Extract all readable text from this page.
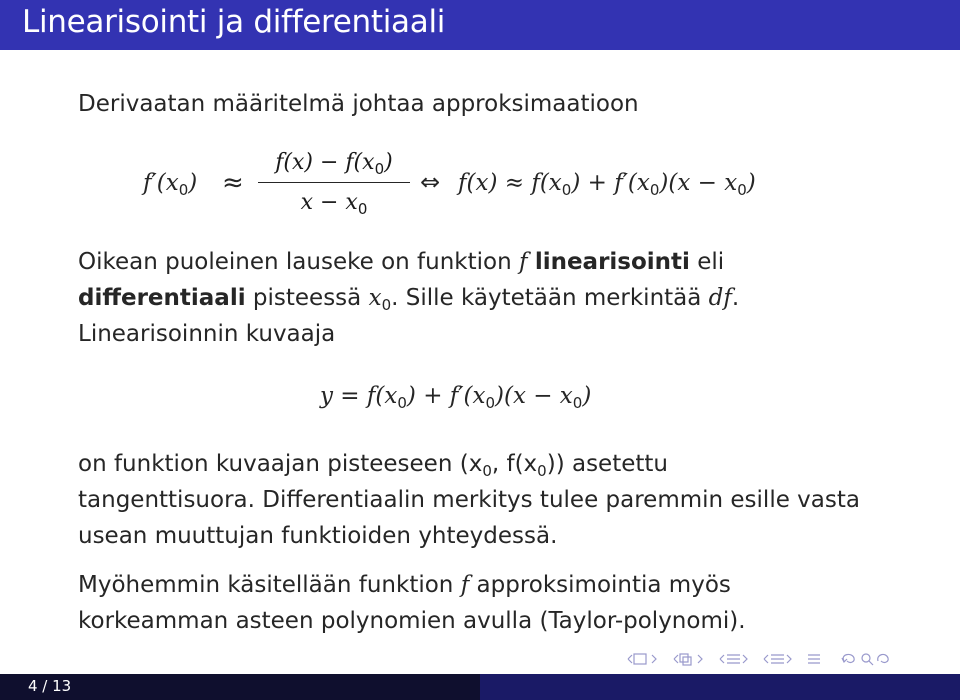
Linearisointi ja differentiaali
Derivaatan määritelmä johtaa approksimaatioon
$f'(x_0)$ ≈
$f(x) - f(x_0)$
$x - x_0$
⇔ $f(x) \approx f(x_0) + f'(x_0)(x - x_0)$
Oikean puoleinen lauseke on funktion f linearisointi eli
differentiaali pisteessä $x_0$. Sille käytetään merkintää df.
Linearisoinnin kuvaaja
$y = f(x_0) + f'(x_0)(x - x_0)$
on funktion kuvaajan pisteeseen ($x_0$, $f(x_0)$) asetettu
tangenttisuora. Differentiaalin merkitys tulee paremmin esille vasta
usean muuttujan funktioiden yhteydessä.
Myöhemmin käsitellään funktion f approksimointia myös
korkeamman asteen polynomien avulla (Taylor-polynomi).
4 / 13
